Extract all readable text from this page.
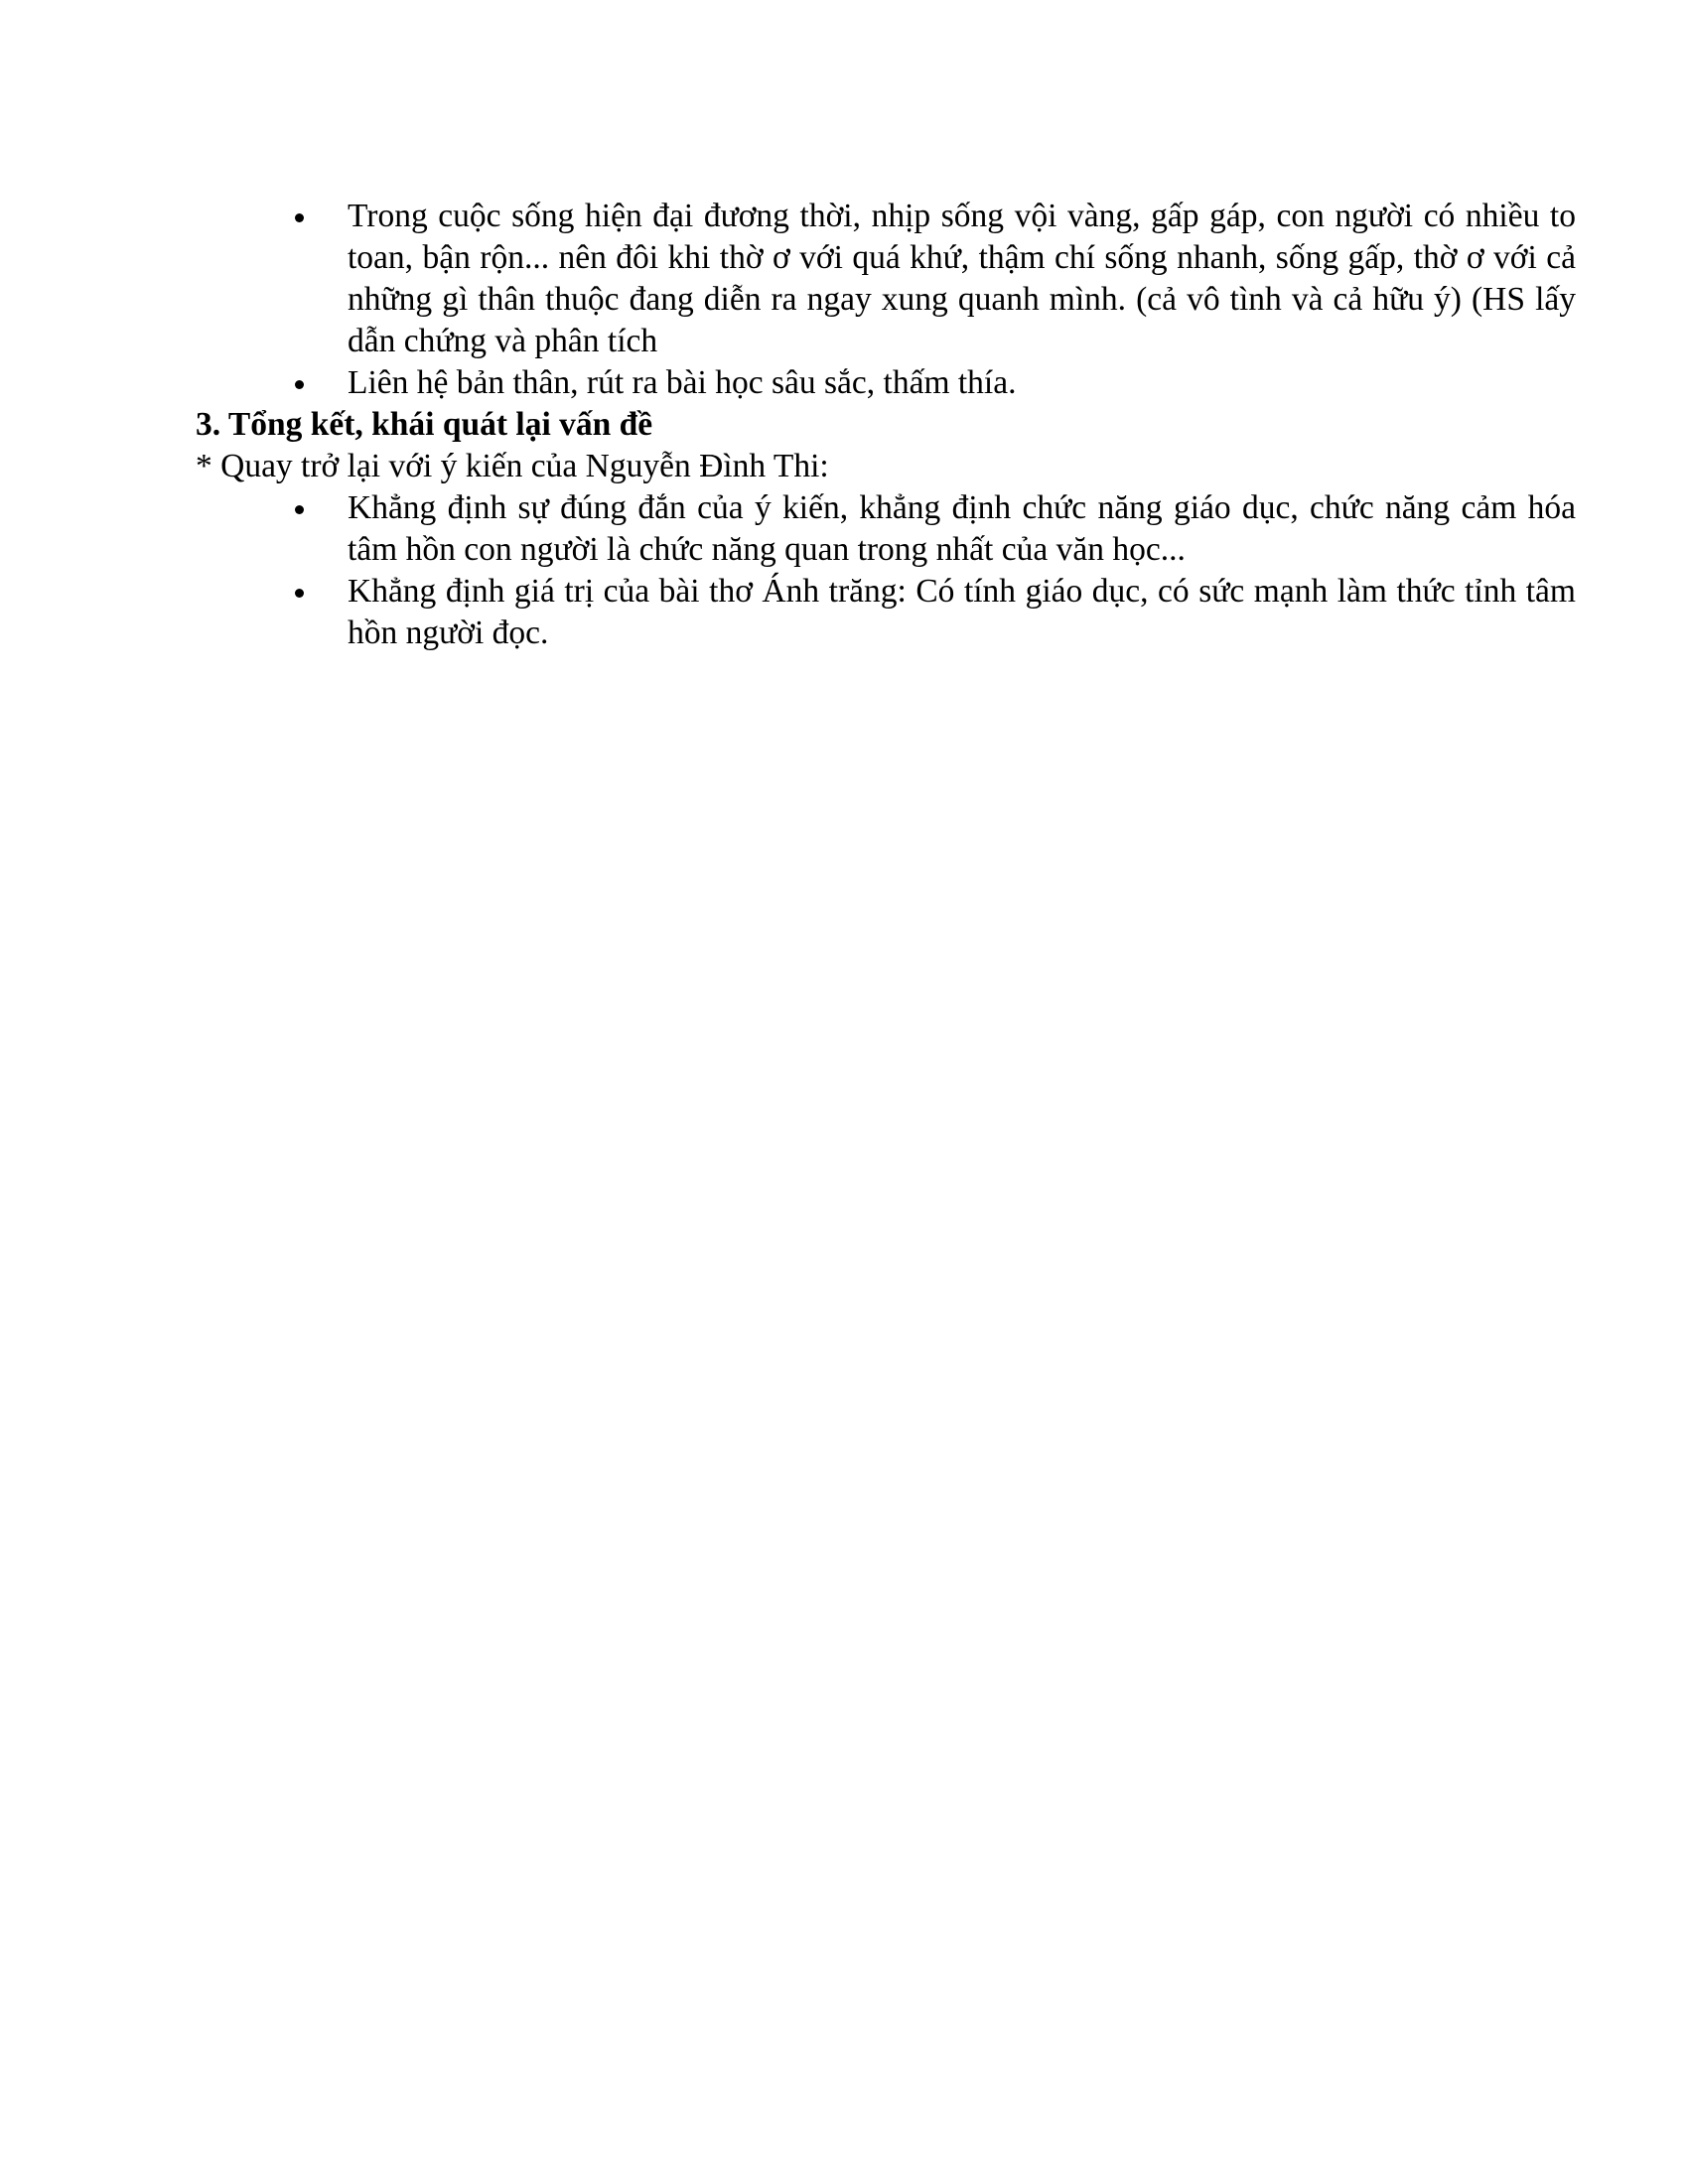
Trong cuộc sống hiện đại đương thời, nhịp sống vội vàng, gấp gáp, con người có nhiều to toan, bận rộn... nên đôi khi thờ ơ với quá khứ, thậm chí sống nhanh, sống gấp, thờ ơ với cả những gì thân thuộc đang diễn ra ngay xung quanh mình. (cả vô tình và cả hữu ý) (HS lấy dẫn chứng và phân tích
Liên hệ bản thân, rút ra bài học sâu sắc, thấm thía.

3. Tổng kết, khái quát lại vấn đề

* Quay trở lại với ý kiến của Nguyễn Đình Thi:

Khẳng định sự đúng đắn của ý kiến, khẳng định chức năng giáo dục, chức năng cảm hóa tâm hồn con người là chức năng quan trong nhất của văn học...
Khẳng định giá trị của bài thơ Ánh trăng: Có tính giáo dục, có sức mạnh làm thức tỉnh tâm hồn người đọc.
